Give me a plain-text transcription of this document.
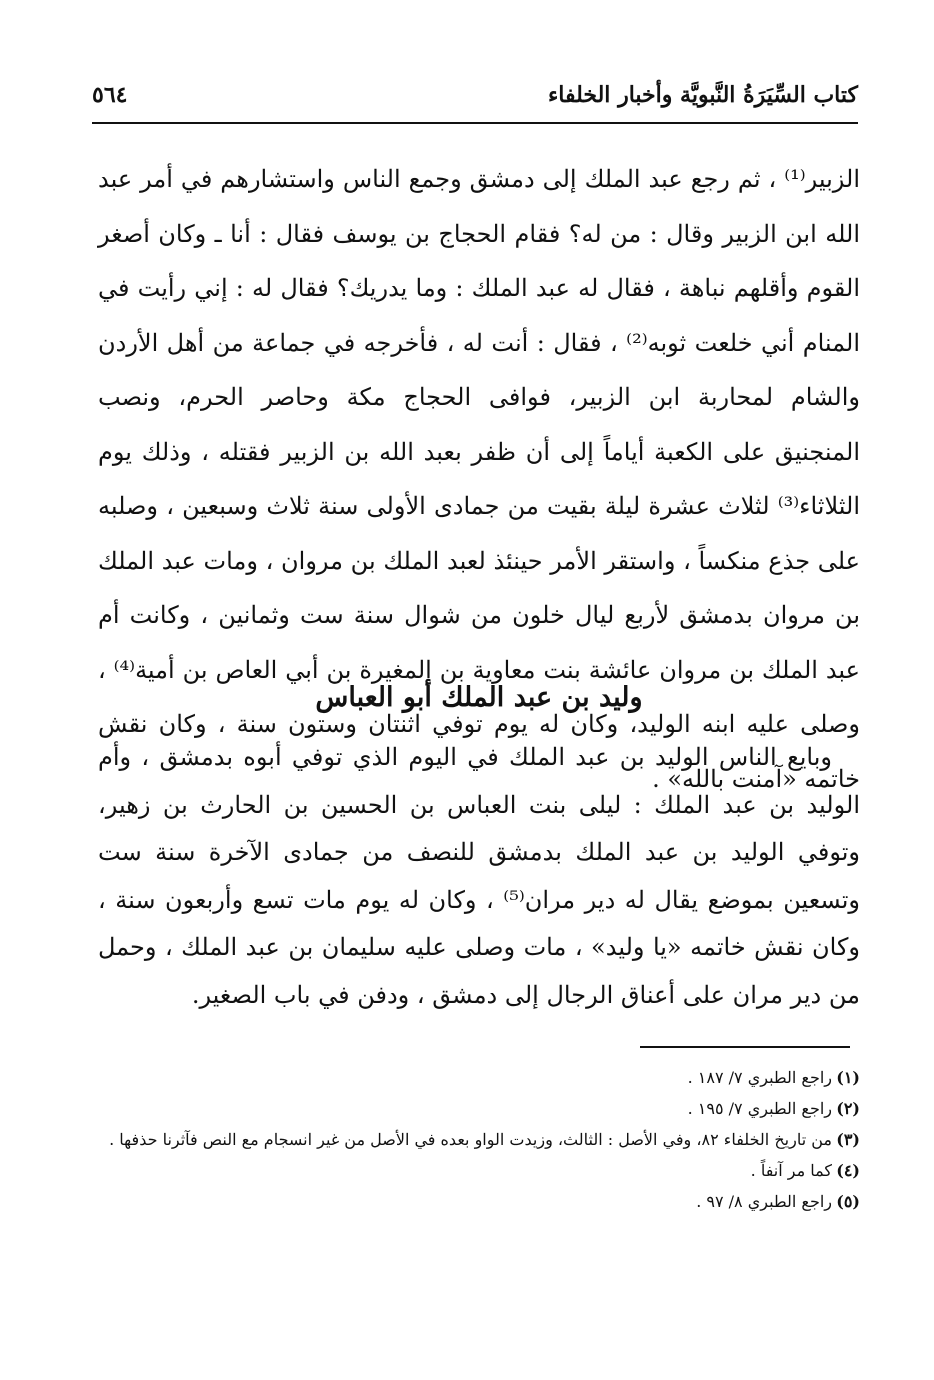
كتاب السِّيَرَةُ النَّبويَّة وأخبار الخلفاء
٥٦٤

الزبير⁽¹⁾ ، ثم رجع عبد الملك إلى دمشق وجمع الناس واستشارهم في أمر عبد الله ابن الزبير وقال : من له؟ فقام الحجاج بن يوسف فقال : أنا ـ وكان أصغر القوم وأقلهم نباهة ، فقال له عبد الملك : وما يدريك؟ فقال له : إني رأيت في المنام أني خلعت ثوبه⁽²⁾ ، فقال : أنت له ، فأخرجه في جماعة من أهل الأردن والشام لمحاربة ابن الزبير، فوافى الحجاج مكة وحاصر الحرم، ونصب المنجنيق على الكعبة أياماً إلى أن ظفر بعبد الله بن الزبير فقتله ، وذلك يوم الثلاثاء⁽³⁾ لثلاث عشرة ليلة بقيت من جمادى الأولى سنة ثلاث وسبعين ، وصلبه على جذع منكساً ، واستقر الأمر حينئذ لعبد الملك بن مروان ، ومات عبد الملك بن مروان بدمشق لأربع ليال خلون من شوال سنة ست وثمانين ، وكانت أم عبد الملك بن مروان عائشة بنت معاوية بن المغيرة بن أبي العاص بن أمية⁽⁴⁾ ، وصلى عليه ابنه الوليد، وكان له يوم توفي اثنتان وستون سنة ، وكان نقش خاتمه «آمنت بالله» .

وليد بن عبد الملك أبو العباس

وبايع الناس الوليد بن عبد الملك في اليوم الذي توفي أبوه بدمشق ، وأم الوليد بن عبد الملك : ليلى بنت العباس بن الحسين بن الحارث بن زهير، وتوفي الوليد بن عبد الملك بدمشق للنصف من جمادى الآخرة سنة ست وتسعين بموضع يقال له دير مران⁽⁵⁾ ، وكان له يوم مات تسع وأربعون سنة ، وكان نقش خاتمه «يا وليد» ، مات وصلى عليه سليمان بن عبد الملك ، وحمل من دير مران على أعناق الرجال إلى دمشق ، ودفن في باب الصغير.

(١)راجع الطبري ٧/ ١٨٧ .

(٢)راجع الطبري ٧/ ١٩٥ .

(٣)من تاريخ الخلفاء ٨٢، وفي الأصل : الثالث، وزيدت الواو بعده في الأصل من غير انسجام مع النص فآثرنا حذفها .

(٤)كما مر آنفاً .

(٥)راجع الطبري ٨/ ٩٧ .
